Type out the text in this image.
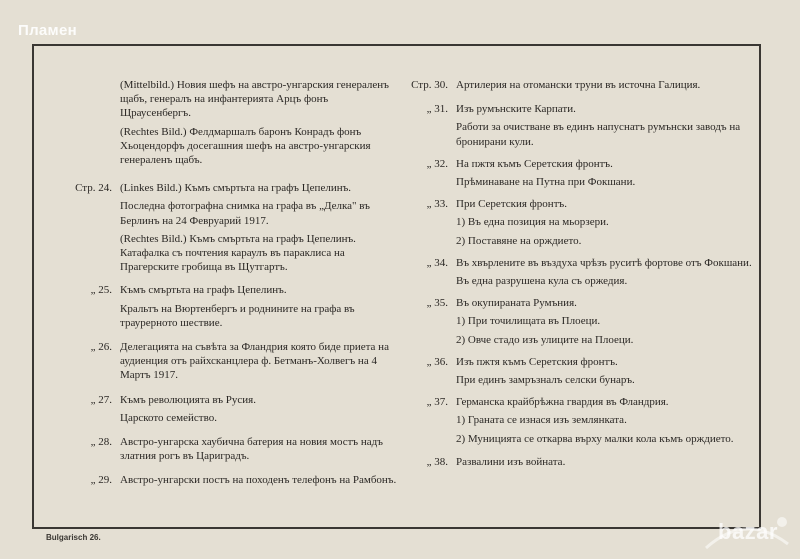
Пламен
(Mittelbild.) Новия шефъ на австро-унгарския генераленъ щабъ, генералъ на инфантерията Арцъ фонъ Щраусенбергъ.
(Rechtes Bild.) Фелдмаршалъ баронъ Конрадъ фонъ Хьоцендорфъ досегашния шефъ на австро-унгарския генераленъ щабъ.
Стр. 24. (Linkes Bild.) Къмъ смъртьта на графъ Цепелинъ.
Последна фотографна снимка на графа въ „Делка" въ Берлинъ на 24 Февруарий 1917.
(Rechtes Bild.) Къмъ смъртьта на графъ Цепелинъ. Катафалка съ почтения караулъ въ параклиса на Прагерските гробища въ Щутгартъ.
„ 25. Къмъ смъртьта на графъ Цепелинъ.
Кральтъ на Вюртенбергъ и роднините на графа въ траурерното шествие.
„ 26. Делегацията на съвѣта за Фландрия която биде приета на аудиенция отъ райхсканцлера ф. Бетманъ-Холвегъ на 4 Мартъ 1917.
„ 27. Къмъ революцията въ Русия.
Царското семейство.
„ 28. Австро-унгарска хаубична батерия на новия мостъ надъ златния рогъ въ Цариградъ.
„ 29. Австро-унгарски постъ на походенъ телефонъ на Рамбонъ.
Стр. 30. Артилерия на отомански труни въ источна Галиция.
„ 31. Изъ румънските Карпати.
Работи за очистване въ единъ напуснатъ румънски заводъ на бронирани кули.
„ 32. На пжтя къмъ Серетския фронтъ.
Прѣминаване на Путна при Фокшани.
„ 33. При Серетския фронтъ.
1) Въ една позиция на мьорзери.
2) Поставяне на орждието.
„ 34. Въ хвърлените въ въздуха чрѣзъ руситѣ фортове отъ Фокшани.
Въ една разрушена кула съ оржедия.
„ 35. Въ окупираната Румъния.
1) При точилищата въ Плоеци.
2) Овче стадо изъ улиците на Плоеци.
„ 36. Изъ пжтя къмъ Серетския фронтъ.
При единъ замръзналъ селски бунаръ.
„ 37. Германска крайбрѣжна гвардия въ Фландрия.
1) Граната се изнася изъ землянката.
2) Муницията се откарва върху малки кола къмъ орждието.
„ 38. Развалини изъ войната.
Bulgarisch 26.	bazar
